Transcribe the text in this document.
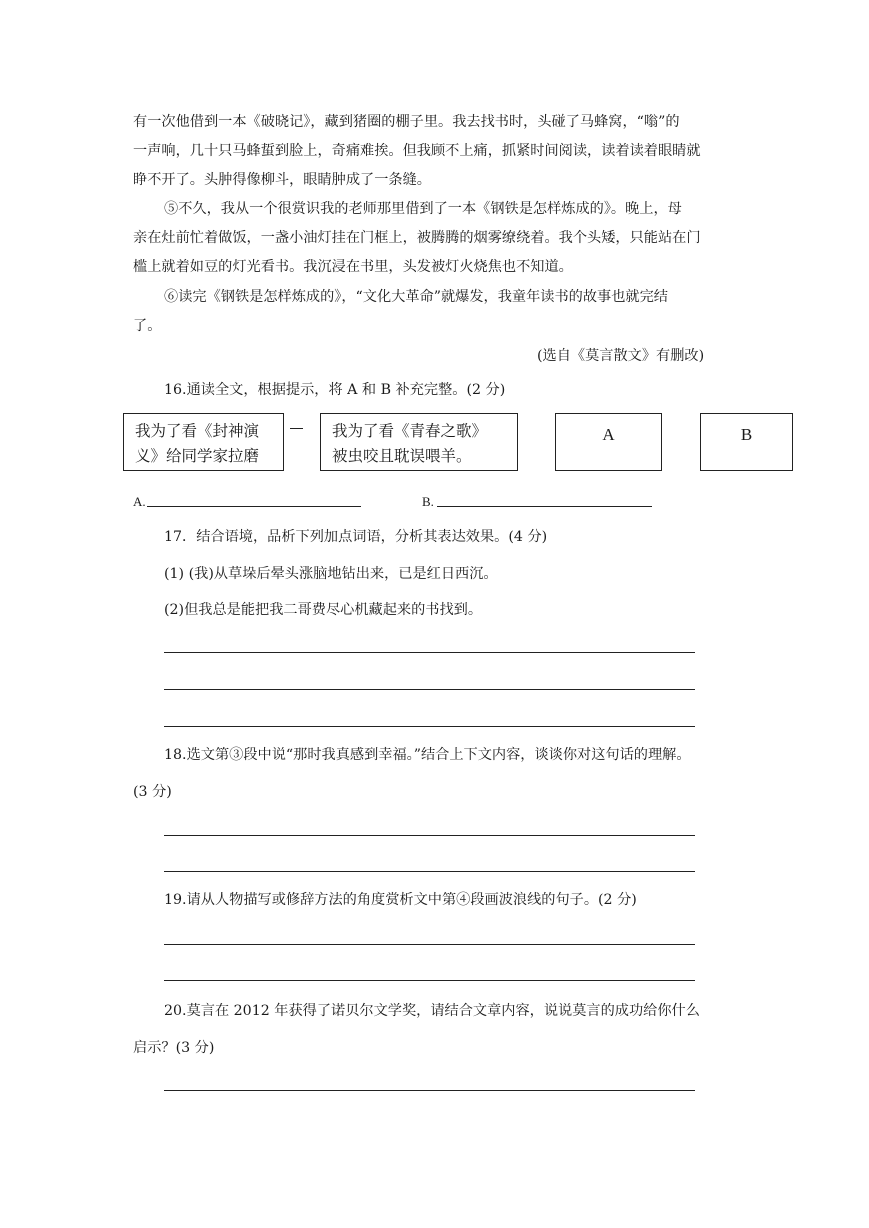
有一次他借到一本《破晓记》，藏到猪圈的棚子里。我去找书时，头碰了马蜂窝，“嗡”的
一声响，几十只马蜂蜇到脸上，奇痛难挨。但我顾不上痛，抓紧时间阅读，读着读着眼睛就
睁不开了。头肿得像柳斗，眼睛肿成了一条缝。
⑤不久，我从一个很赏识我的老师那里借到了一本《钢铁是怎样炼成的》。晚上，母
亲在灶前忙着做饭，一盏小油灯挂在门框上，被腾腾的烟雾缭绕着。我个头矮，只能站在门
槛上就着如豆的灯光看书。我沉浸在书里，头发被灯火烧焦也不知道。
⑥读完《钢铁是怎样炼成的》，“文化大革命”就爆发，我童年读书的故事也就完结
了。
(选自《莫言散文》有删改)
16.通读全文，根据提示，将 A 和 B 补充完整。(2 分)
我为了看《封神演
义》给同学家拉磨
我为了看《青春之歌》
被虫咬且耽误喂羊。
A	B
A.	B.
17．结合语境，品析下列加点词语，分析其表达效果。(4 分)
(1) (我)从草垛后晕头涨脑地钻出来，已是红日西沉。
(2)但我总是能把我二哥费尽心机藏起来的书找到。
18.选文第③段中说“那时我真感到幸福。”结合上下文内容，谈谈你对这句话的理解。
(3 分)
19.请从人物描写或修辞方法的角度赏析文中第④段画波浪线的句子。(2 分)
20.莫言在 2012 年获得了诺贝尔文学奖，请结合文章内容，说说莫言的成功给你什么
启示？(3 分)
